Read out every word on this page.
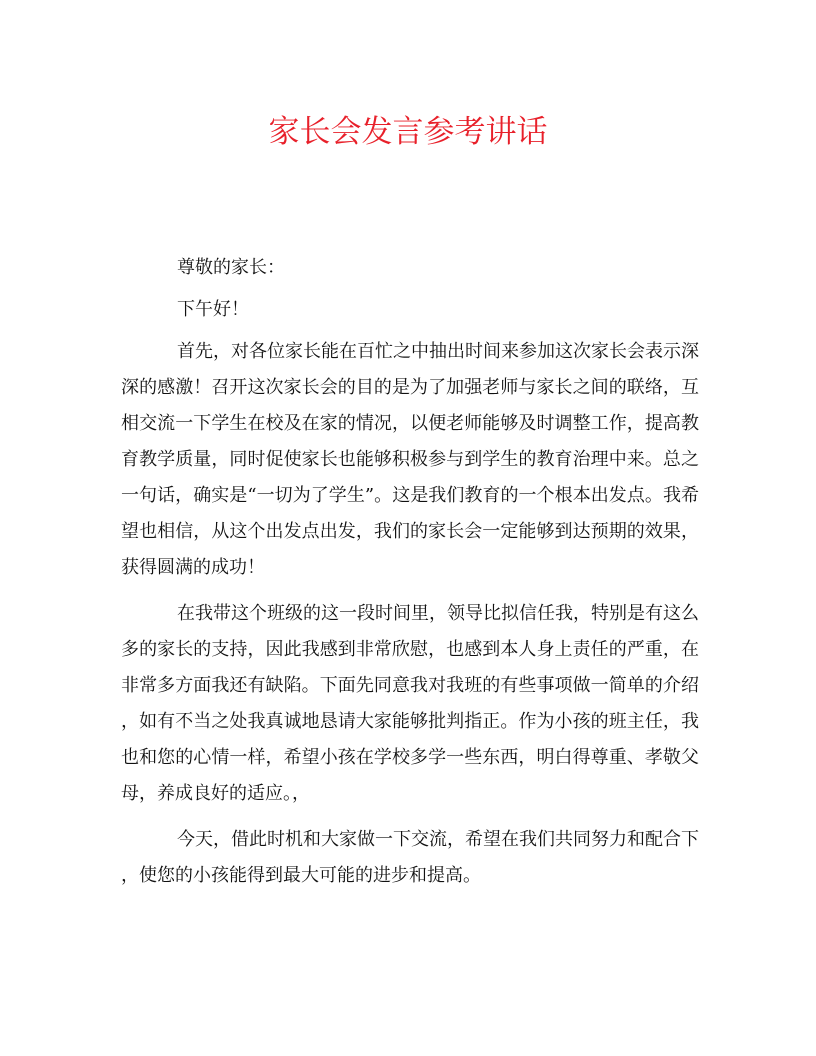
家长会发言参考讲话

尊敬的家长：

下午好！

首先，对各位家长能在百忙之中抽出时间来参加这次家长会表示深深的感激！召开这次家长会的目的是为了加强老师与家长之间的联络，互相交流一下学生在校及在家的情况，以便老师能够及时调整工作，提高教育教学质量，同时促使家长也能够积极参与到学生的教育治理中来。总之一句话，确实是“一切为了学生”。这是我们教育的一个根本出发点。我希望也相信，从这个出发点出发，我们的家长会一定能够到达预期的效果，获得圆满的成功！

在我带这个班级的这一段时间里，领导比拟信任我，特别是有这么多的家长的支持，因此我感到非常欣慰，也感到本人身上责任的严重，在非常多方面我还有缺陷。下面先同意我对我班的有些事项做一简单的介绍，如有不当之处我真诚地恳请大家能够批判指正。作为小孩的班主任，我也和您的心情一样，希望小孩在学校多学一些东西，明白得尊重、孝敬父母，养成良好的适应。，

今天，借此时机和大家做一下交流，希望在我们共同努力和配合下，使您的小孩能得到最大可能的进步和提高。
